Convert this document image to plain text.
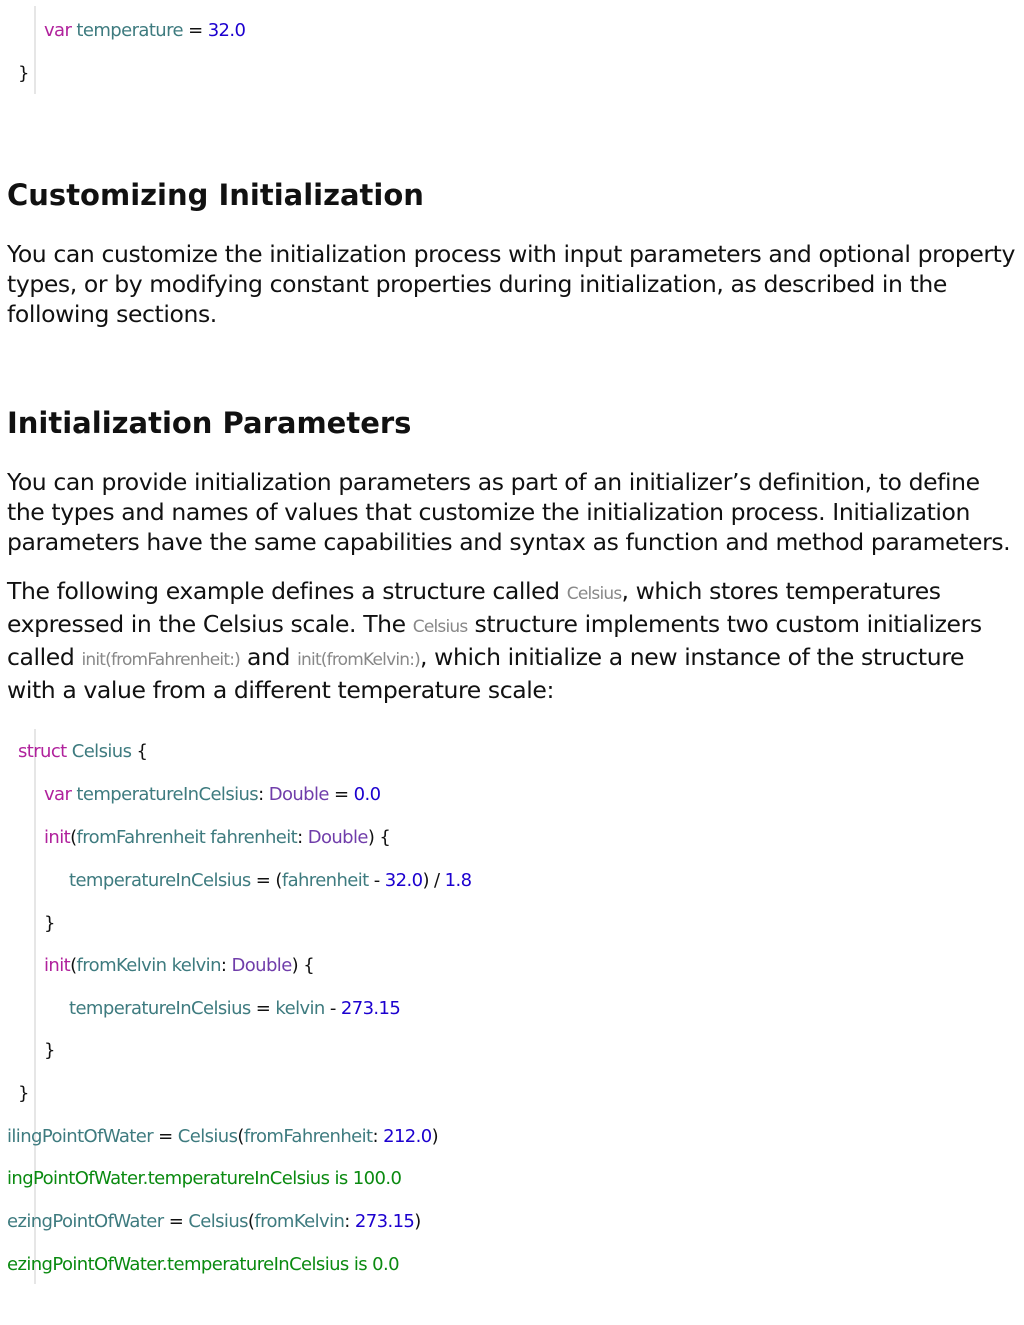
var temperature = 32.0
}
Customizing Initialization

You can customize the initialization process with input parameters and optional property types, or by modifying constant properties during initialization, as described in the following sections.

Initialization Parameters

You can provide initialization parameters as part of an initializer’s definition, to define the types and names of values that customize the initialization process. Initialization parameters have the same capabilities and syntax as function and method parameters.

The following example defines a structure called Celsius, which stores temperatures expressed in the Celsius scale. The Celsius structure implements two custom initializers called init(fromFahrenheit:) and init(fromKelvin:), which initialize a new instance of the structure with a value from a different temperature scale:

struct Celsius {
var temperatureInCelsius: Double = 0.0
init(fromFahrenheit fahrenheit: Double) {
temperatureInCelsius = (fahrenheit - 32.0) / 1.8
}
init(fromKelvin kelvin: Double) {
temperatureInCelsius = kelvin - 273.15
}
}
ilingPointOfWater = Celsius(fromFahrenheit: 212.0)
ingPointOfWater.temperatureInCelsius is 100.0
ezingPointOfWater = Celsius(fromKelvin: 273.15)
ezingPointOfWater.temperatureInCelsius is 0.0
